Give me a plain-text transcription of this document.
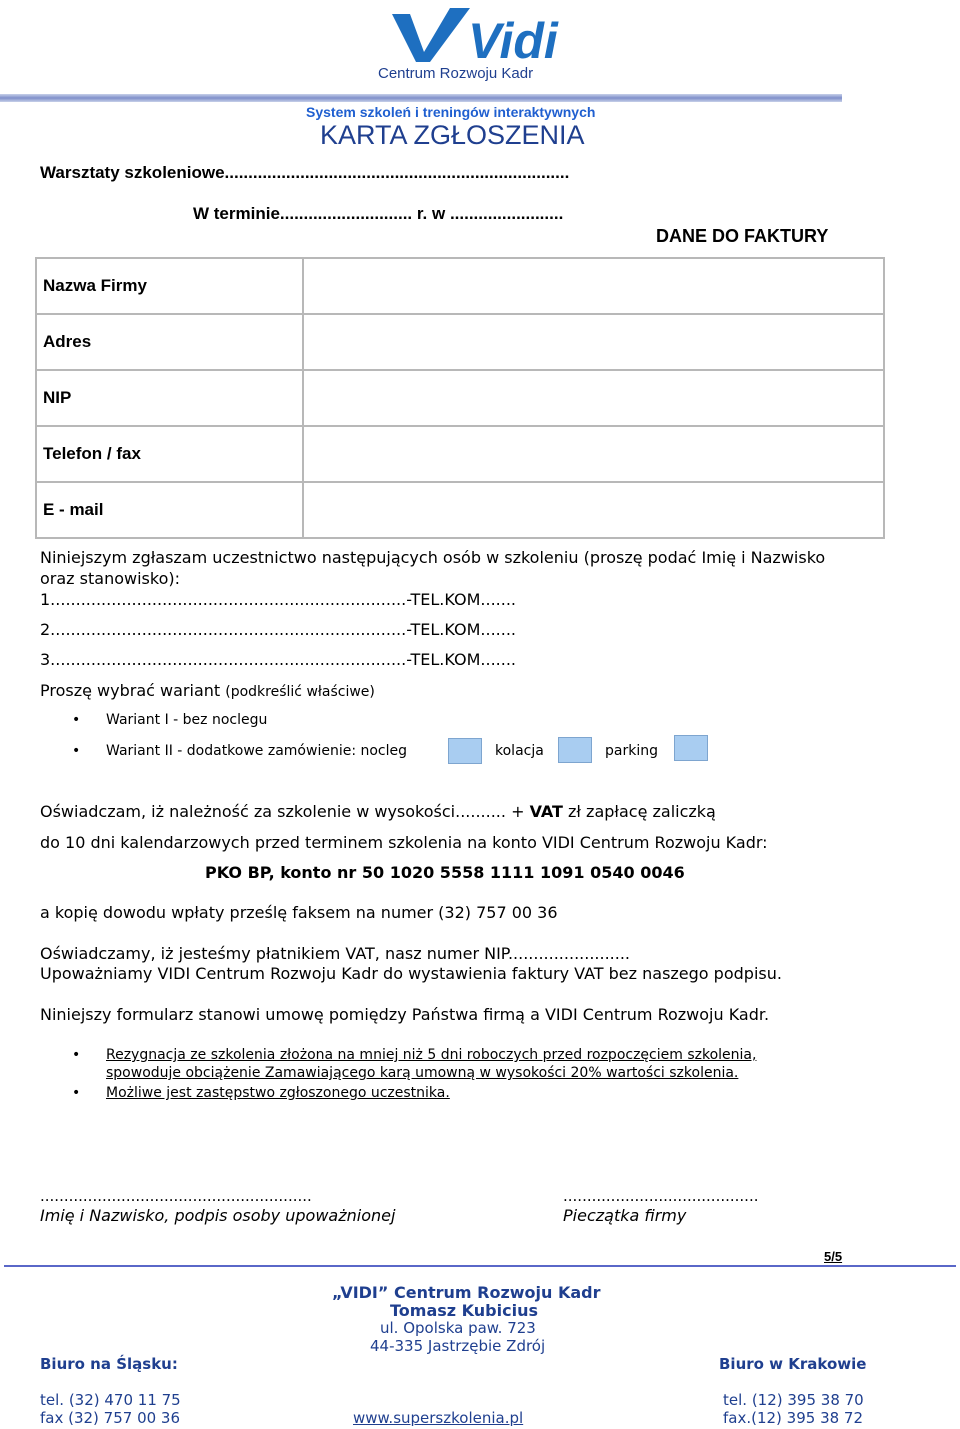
Vidi
Centrum Rozwoju Kadr
System szkoleń i treningów interaktywnych
KARTA ZGŁOSZENIA
Warsztaty szkoleniowe.........................................................................
W terminie............................ r. w ........................
DANE DO FAKTURY
Nazwa Firmy	
Adres	
NIP	
Telefon / fax	
E - mail	
Niniejszym zgłaszam uczestnictwo następujących osób w szkoleniu (proszę podać Imię i Nazwisko
oraz stanowisko):
1......................................................................-TEL.KOM.......
2......................................................................-TEL.KOM.......
3......................................................................-TEL.KOM.......
Proszę wybrać wariant (podkreślić właściwe)
• Wariant I - bez noclegu
• Wariant II - dodatkowe zamówienie: nocleg	kolacja	parking
Oświadczam, iż należność za szkolenie w wysokości.......... + VAT zł zapłacę zaliczką
do 10 dni kalendarzowych przed terminem szkolenia na konto VIDI Centrum Rozwoju Kadr:
PKO BP, konto nr 50 1020 5558 1111 1091 0540 0046
a kopię dowodu wpłaty prześlę faksem na numer (32) 757 00 36
Oświadczamy, iż jesteśmy płatnikiem VAT, nasz numer NIP........................
Upoważniamy VIDI Centrum Rozwoju Kadr do wystawienia faktury VAT bez naszego podpisu.
Niniejszy formularz stanowi umowę pomiędzy Państwa firmą a VIDI Centrum Rozwoju Kadr.
• Rezygnacja ze szkolenia złożona na mniej niż 5 dni roboczych przed rozpoczęciem szkolenia,
spowoduje obciążenie Zamawiającego karą umowną w wysokości 20% wartości szkolenia.
• Możliwe jest zastępstwo zgłoszonego uczestnika.
.........................................................	.........................................
Imię i Nazwisko, podpis osoby upoważnionej	Pieczątka firmy
5/5
„VIDI” Centrum Rozwoju Kadr
Tomasz Kubicius
ul. Opolska paw. 723
44-335 Jastrzębie Zdrój
Biuro na Śląsku:	Biuro w Krakowie
tel. (32) 470 11 75
fax (32) 757 00 36	www.superszkolenia.pl
tel. (12) 395 38 70
fax.(12) 395 38 72
